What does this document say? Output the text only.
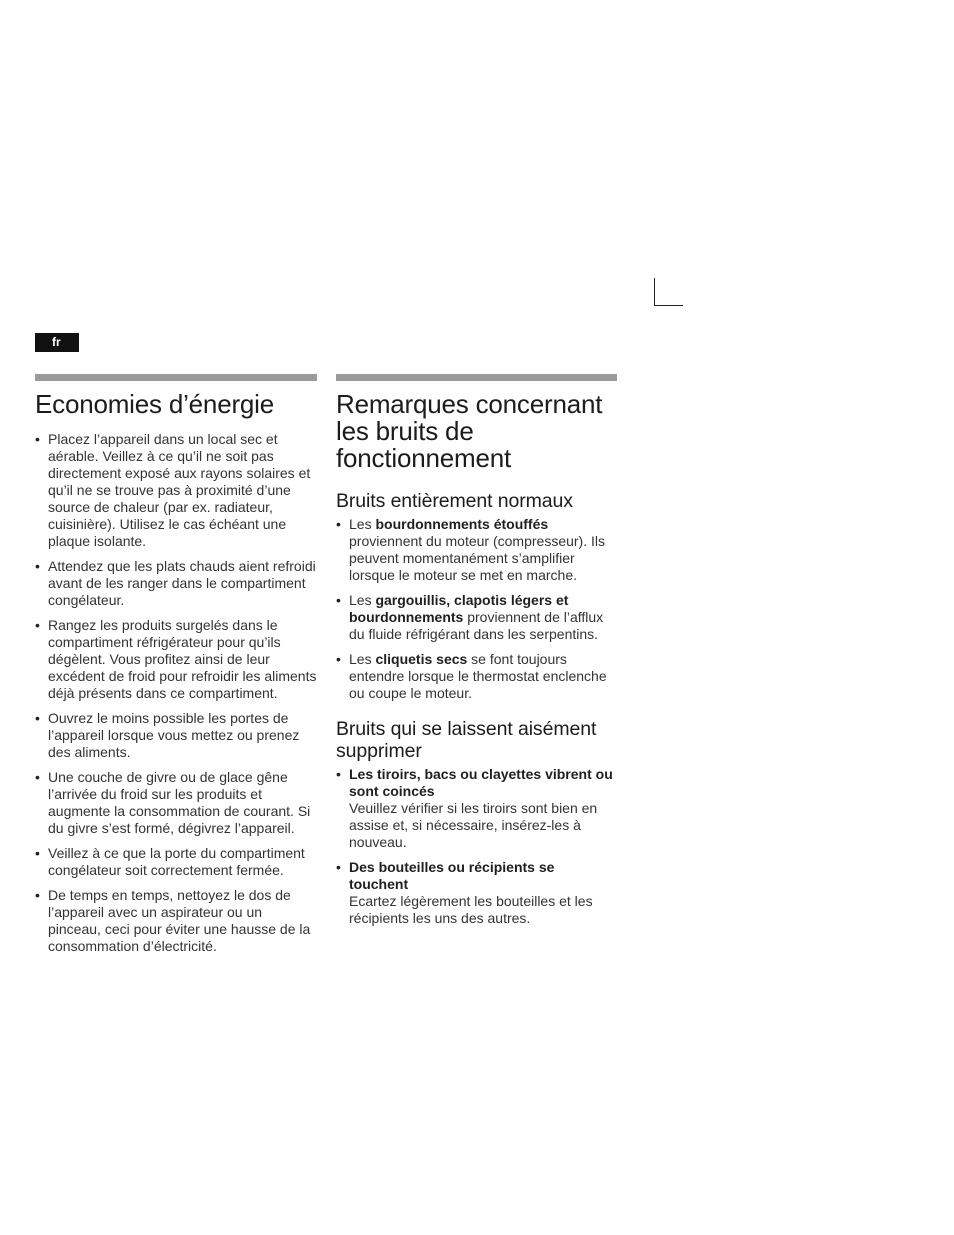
fr
Economies d’énergie
• Placez l’appareil dans un local sec et aérable. Veillez à ce qu’il ne soit pas directement exposé aux rayons solaires et qu’il ne se trouve pas à proximité d’une source de chaleur (par ex. radiateur, cuisinière). Utilisez le cas échéant une plaque isolante.
• Attendez que les plats chauds aient refroidi avant de les ranger dans le compartiment congélateur.
• Rangez les produits surgelés dans le compartiment réfrigérateur pour qu’ils dégèlent. Vous profitez ainsi de leur excédent de froid pour refroidir les aliments déjà présents dans ce compartiment.
• Ouvrez le moins possible les portes de l’appareil lorsque vous mettez ou prenez des aliments.
• Une couche de givre ou de glace gêne l’arrivée du froid sur les produits et augmente la consommation de courant. Si du givre s’est formé, dégivrez l’appareil.
• Veillez à ce que la porte du compartiment congélateur soit correctement fermée.
• De temps en temps, nettoyez le dos de l’appareil avec un aspirateur ou un pinceau, ceci pour éviter une hausse de la consommation d’électricité.
Remarques concernant les bruits de fonctionnement
Bruits entièrement normaux
• Les bourdonnements étouffés proviennent du moteur (compresseur). Ils peuvent momentanément s’amplifier lorsque le moteur se met en marche.
• Les gargouillis, clapotis légers et bourdonnements proviennent de l’afflux du fluide réfrigérant dans les serpentins.
• Les cliquetis secs se font toujours entendre lorsque le thermostat enclenche ou coupe le moteur.
Bruits qui se laissent aisément supprimer
• Les tiroirs, bacs ou clayettes vibrent ou sont coincés
Veuillez vérifier si les tiroirs sont bien en assise et, si nécessaire, insérez-les à nouveau.
• Des bouteilles ou récipients se touchent
Ecartez légèrement les bouteilles et les récipients les uns des autres.
